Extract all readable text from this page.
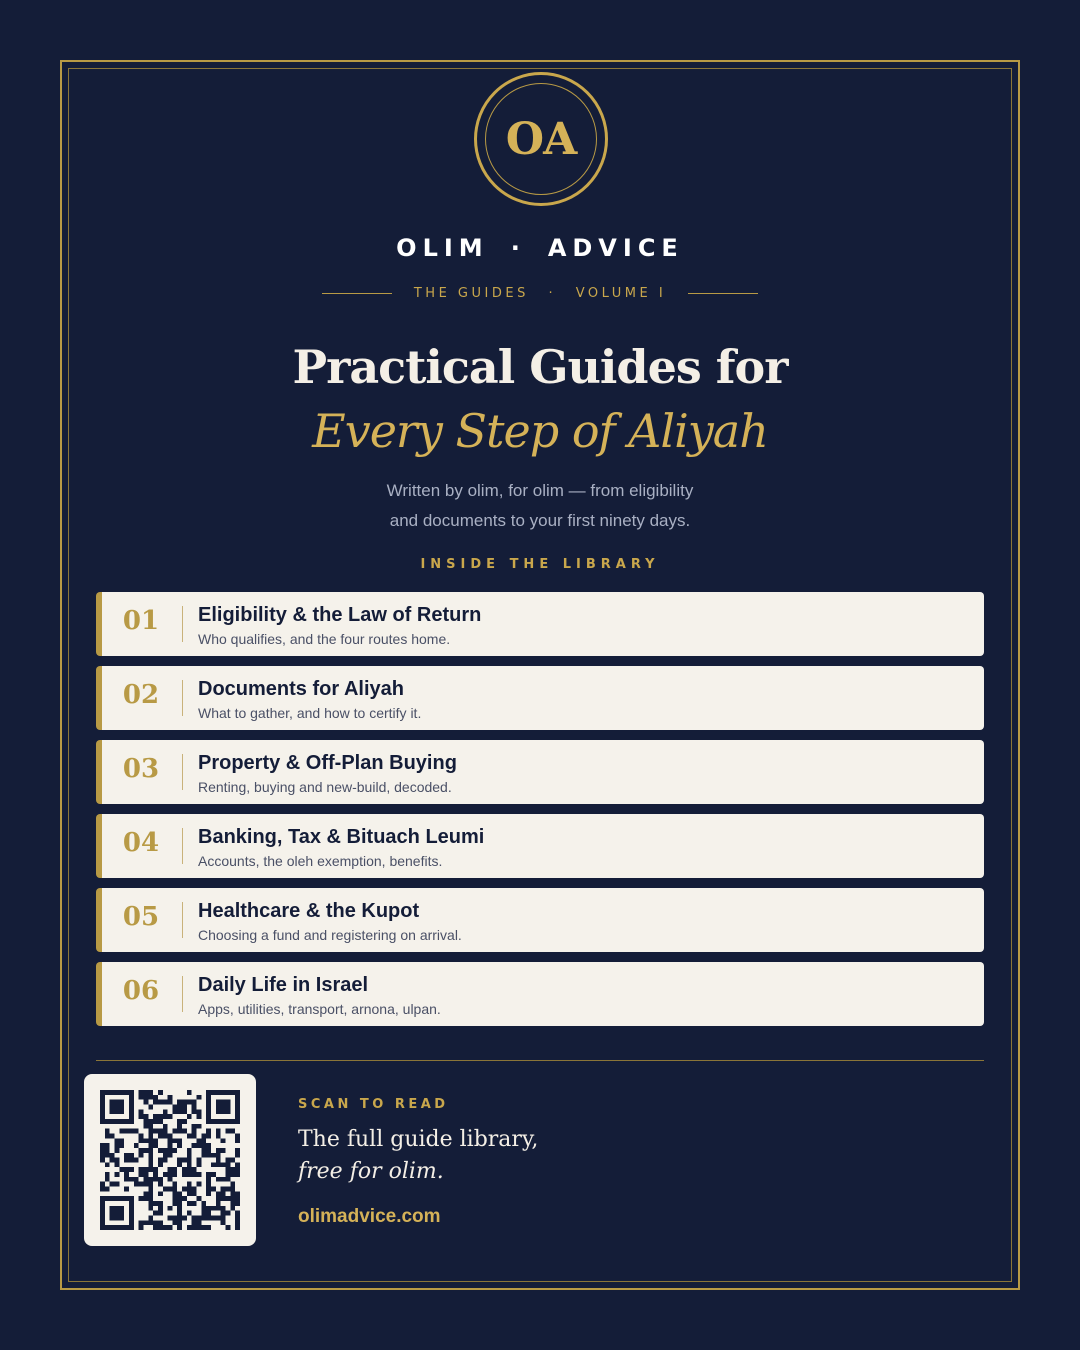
OA
OLIM · ADVICE
THE GUIDES · VOLUME I
Practical Guides for
Every Step of Aliyah
Written by olim, for olim — from eligibility
and documents to your first ninety days.
INSIDE THE LIBRARY
01	Eligibility & the Law of Return
Who qualifies, and the four routes home.
02	Documents for Aliyah
What to gather, and how to certify it.
03	Property & Off-Plan Buying
Renting, buying and new-build, decoded.
04	Banking, Tax & Bituach Leumi
Accounts, the oleh exemption, benefits.
05	Healthcare & the Kupot
Choosing a fund and registering on arrival.
06	Daily Life in Israel
Apps, utilities, transport, arnona, ulpan.
SCAN TO READ
The full guide library,
free for olim.
olimadvice.com
